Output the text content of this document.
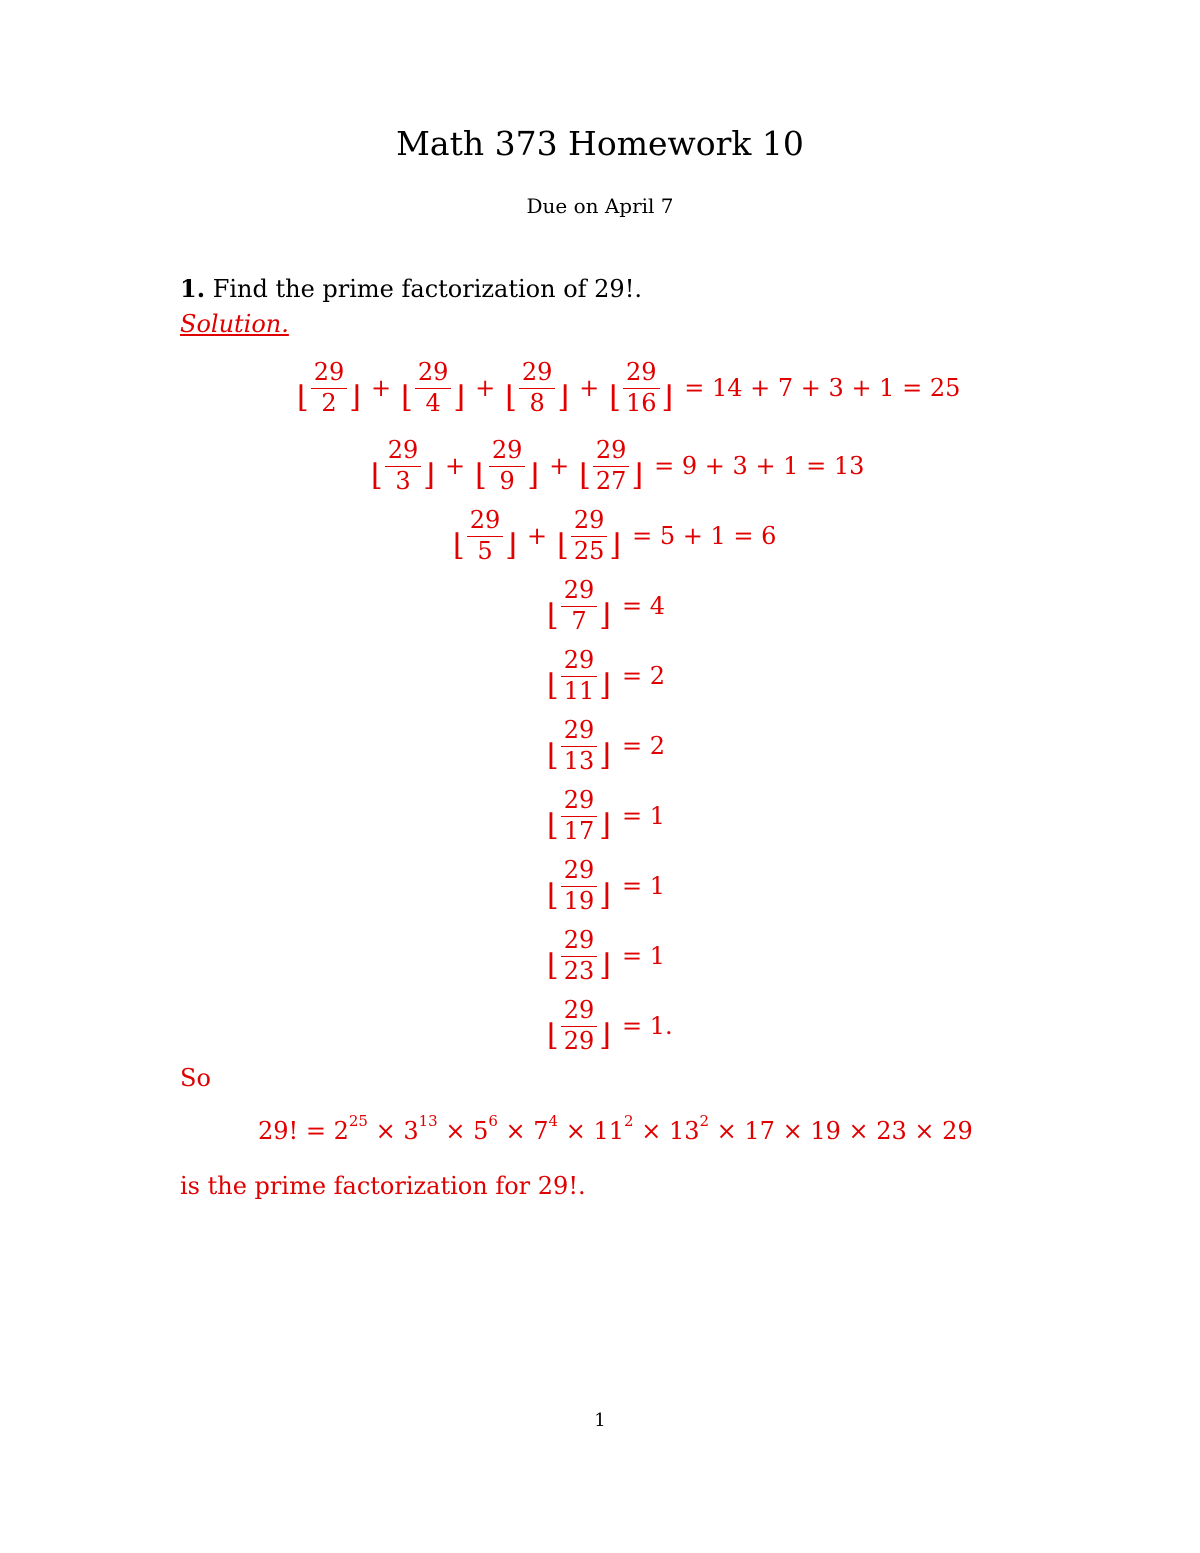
Math 373 Homework 10
Due on April 7
1. Find the prime factorization of 29!.
Solution.
⌊ $\frac{29}{2}$ ⌋ + ⌊ $\frac{29}{4}$ ⌋ + ⌊ $\frac{29}{8}$ ⌋ + ⌊ $\frac{29}{16}$ ⌋ = 14 + 7 + 3 + 1 = 25
⌊ $\frac{29}{3}$ ⌋ + ⌊ $\frac{29}{9}$ ⌋ + ⌊ $\frac{29}{27}$ ⌋ = 9 + 3 + 1 = 13
⌊ $\frac{29}{5}$ ⌋ + ⌊ $\frac{29}{25}$ ⌋ = 5 + 1 = 6
⌊ $\frac{29}{7}$ ⌋ = 4
⌊ $\frac{29}{11}$ ⌋ = 2
⌊ $\frac{29}{13}$ ⌋ = 2
⌊ $\frac{29}{17}$ ⌋ = 1
⌊ $\frac{29}{19}$ ⌋ = 1
⌊ $\frac{29}{23}$ ⌋ = 1
⌊ $\frac{29}{29}$ ⌋ = 1.
So
29! = $2^{25} \times 3^{13} \times 5^6 \times 7^4 \times 11^2 \times 13^2 \times 17 \times 19 \times 23 \times 29$
is the prime factorization for 29!.
1
